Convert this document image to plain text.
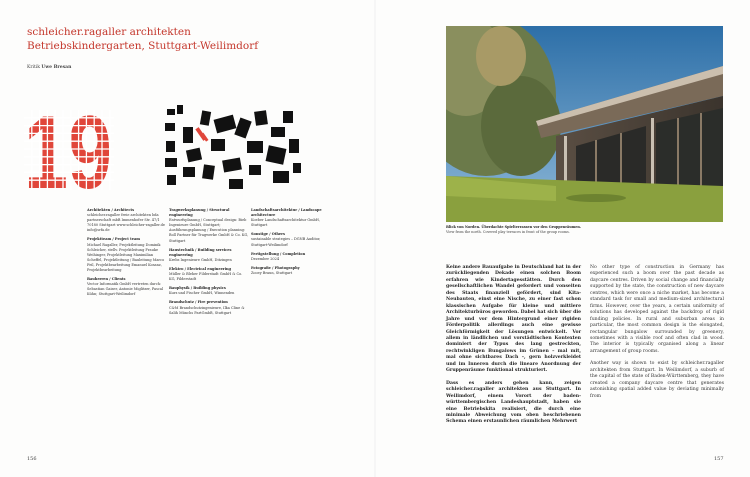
schleicher.ragaller architekten
Betriebskindergarten, Stuttgart-Weilimdorf
Kritik Uwe Bresan
19
Architekten / Architects
schleicher.ragaller freie architekten bda partnerschaft mbB Immenhofer Str. 47/1 70180 Stuttgart www.schleicher-ragaller.de info@srfa.de
Projektteam / Project team
Michael Ragaller, Projektleitung Dominik Schleicher, stellv. Projektleitung Frauke Weihinger, Projektleitung Maximilian Scheffel, Projektleitung / Bauleitung Marco Feil, Projektbearbeitung Emanuel Kosanz, Projektbearbeitung
Bauherren / Clients
Vector Informatik GmbH vertreten durch: Sebastian Gaiser, Antonie Miglitzer, Pascal Kühn; Stuttgart-Weilimdorf
Tragwerksplanung / Structural engineering
Entwurfsplanung / Conceptual design: Bieb Ingenieure GmbH, Stuttgart; Ausführungsplanung / Execution planning: Boll Partner für Tragwerke GmbH & Co. KG, Stuttgart
Haustechnik / Building services engineering
Krebs Ingenieure GmbH, Ditzingen
Elektro / Electrical engineering
Müller & Bleher Filderstadt GmbH & Co. KG, Filderstadt
Bauphysik / Building physics
Kurz und Fischer GmbH, Winnenden
Brandschutz / Fire prevention
C&M Brandschutzingenieure, Ilka Cline & Salih Münchs PartGmbB, Stuttgart
Landschaftsarchitektur / Landscape architecture
Koeber Landschaftsarchitektur GmbH, Stuttgart
Sonstige / Others
sustainable strategies – DGNB Auditor, Stuttgart-Weilimdorf
Fertigstellung / Completion
Dezember 2024
Fotografie / Photography
Zooey Braun, Stuttgart
156
Blick von Norden. Überdachte Spielterrassen vor den Gruppenräumen.
View from the north. Covered play terraces in front of the group rooms.

Keine andere Bauaufgabe in Deutschland hat in der zurückliegenden Dekade einen solchen Boom erfahren wie Kindertagesstätten. Durch den gesellschaftlichen Wandel gefordert und vonseiten des Staats finanziell gefördert, sind Kita-Neubauten, einst eine Nische, zu einer fast schon klassischen Aufgabe für kleine und mittlere Architekturbüros geworden. Dabei hat sich über die Jahre und vor dem Hintergrund einer rigiden Förderpolitik allerdings auch eine gewisse Gleichförmigkeit der Lösungen entwickelt. Vor allem in ländlichen und vorstädtischen Kontexten dominiert der Typus des lang gestreckten, rechtwinkligen Bungalows im Grünen – mal mit, mal ohne sichtbares Dach –, gern holzverkleidet und im Inneren durch die lineare Anordnung der Gruppenräume funktional strukturiert.

Dass es anders gehen kann, zeigen schleicher.ragaller architekten aus Stuttgart. In Weilimdorf, einem Vorort der baden-württembergischen Landeshauptstadt, haben sie eine Betriebskita realisiert, die durch eine minimale Abweichung vom oben beschriebenen Schema einen erstaunlichen räumlichen Mehrwert

No other type of construction in Germany has experienced such a boom over the past decade as daycare centres. Driven by social change and financially supported by the state, the construction of new daycare centres, which were once a niche market, has become a standard task for small and medium-sized architectural firms. However, over the years, a certain uniformity of solutions has developed against the backdrop of rigid funding policies. In rural and suburban areas in particular, the most common design is the elongated, rectangular bungalow surrounded by greenery, sometimes with a visible roof and often clad in wood. The interior is typically organised along a linear arrangement of group rooms.

Another way is shown to exist by schleicher.ragaller architekten from Stuttgart. In Weilimdorf, a suburb of the capital of the state of Baden-Württemberg, they have created a company daycare centre that generates astonishing spatial added value by deviating minimally from

157
